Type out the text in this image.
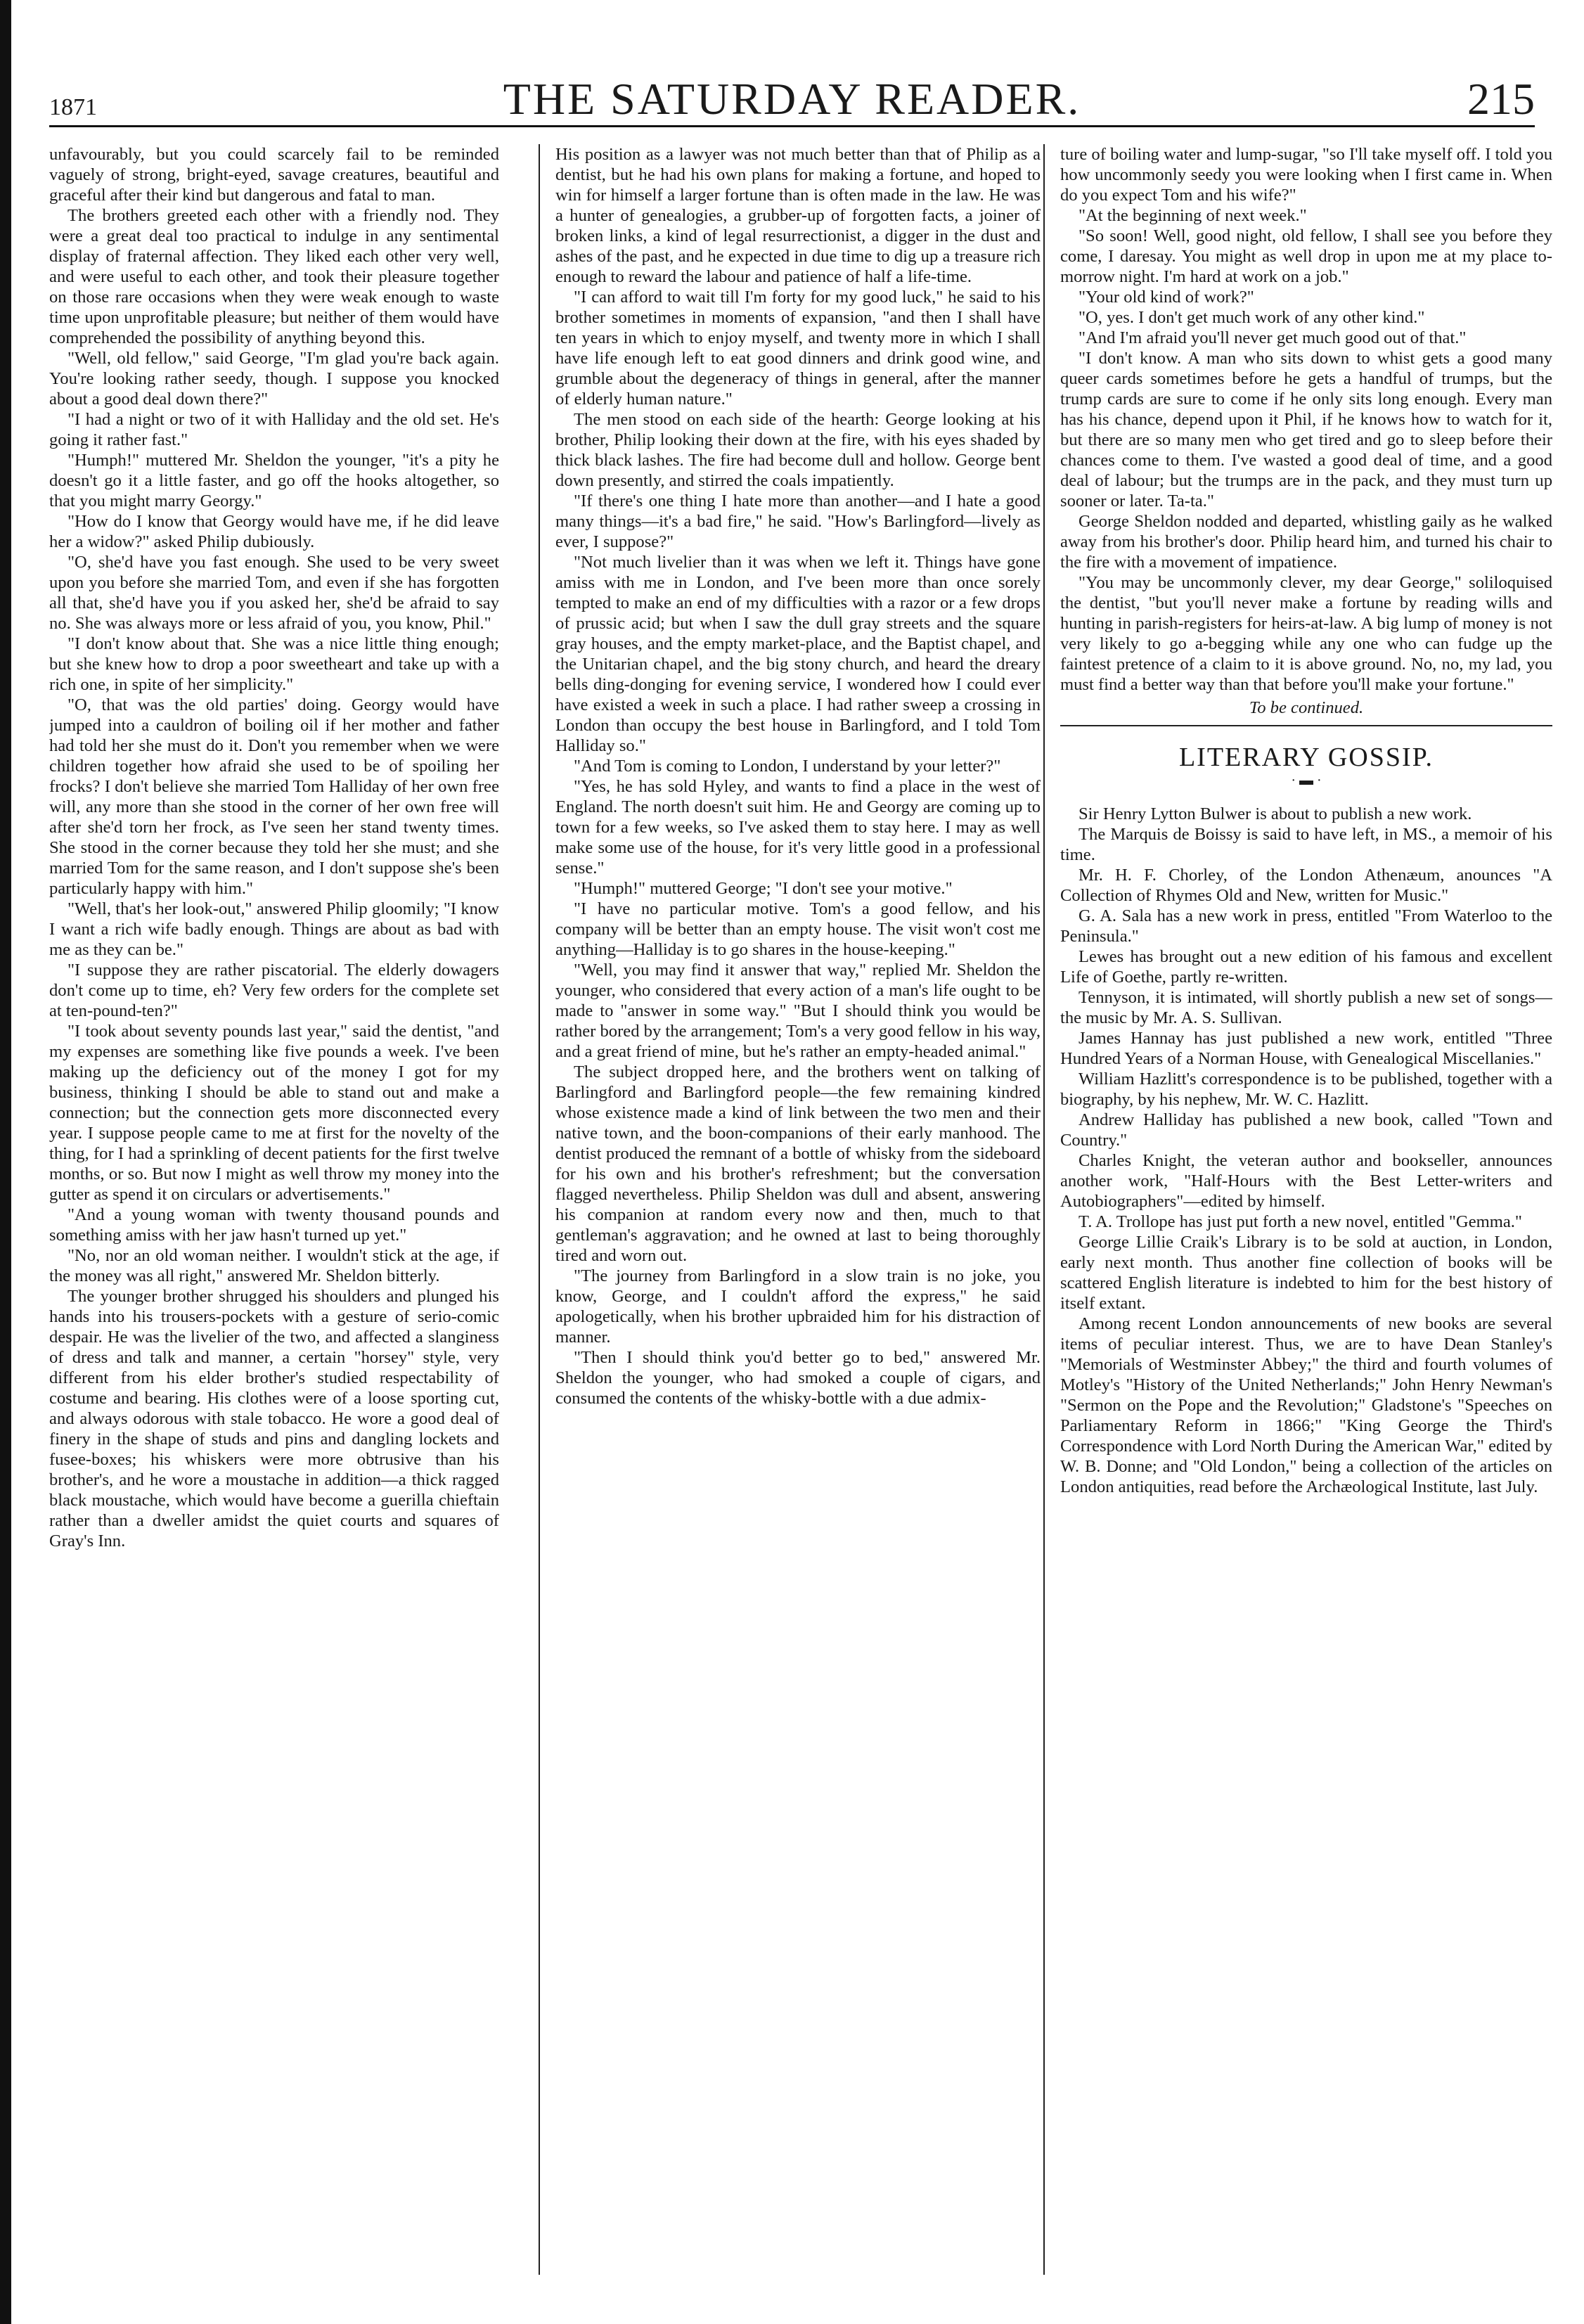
1871	THE SATURDAY READER.	215

unfavourably, but you could scarcely fail to be reminded vaguely of strong, bright-eyed, savage creatures, beautiful and graceful after their kind but dangerous and fatal to man.

The brothers greeted each other with a friendly nod. They were a great deal too practical to indulge in any sentimental display of fraternal affection. They liked each other very well, and were useful to each other, and took their pleasure together on those rare occasions when they were weak enough to waste time upon unprofitable pleasure; but neither of them would have comprehended the possibility of anything beyond this.

"Well, old fellow," said George, "I'm glad you're back again. You're looking rather seedy, though. I suppose you knocked about a good deal down there?"

"I had a night or two of it with Halliday and the old set. He's going it rather fast."

"Humph!" muttered Mr. Sheldon the younger, "it's a pity he doesn't go it a little faster, and go off the hooks altogether, so that you might marry Georgy."

"How do I know that Georgy would have me, if he did leave her a widow?" asked Philip dubiously.

"O, she'd have you fast enough. She used to be very sweet upon you before she married Tom, and even if she has forgotten all that, she'd have you if you asked her, she'd be afraid to say no. She was always more or less afraid of you, you know, Phil."

"I don't know about that. She was a nice little thing enough; but she knew how to drop a poor sweetheart and take up with a rich one, in spite of her simplicity."

"O, that was the old parties' doing. Georgy would have jumped into a cauldron of boiling oil if her mother and father had told her she must do it. Don't you remember when we were children together how afraid she used to be of spoiling her frocks? I don't believe she married Tom Halliday of her own free will, any more than she stood in the corner of her own free will after she'd torn her frock, as I've seen her stand twenty times. She stood in the corner because they told her she must; and she married Tom for the same reason, and I don't suppose she's been particularly happy with him."

"Well, that's her look-out," answered Philip gloomily; "I know I want a rich wife badly enough. Things are about as bad with me as they can be."

"I suppose they are rather piscatorial. The elderly dowagers don't come up to time, eh? Very few orders for the complete set at ten-pound-ten?"

"I took about seventy pounds last year," said the dentist, "and my expenses are something like five pounds a week. I've been making up the deficiency out of the money I got for my business, thinking I should be able to stand out and make a connection; but the connection gets more disconnected every year. I suppose people came to me at first for the novelty of the thing, for I had a sprinkling of decent patients for the first twelve months, or so. But now I might as well throw my money into the gutter as spend it on circulars or advertisements."

"And a young woman with twenty thousand pounds and something amiss with her jaw hasn't turned up yet."

"No, nor an old woman neither. I wouldn't stick at the age, if the money was all right," answered Mr. Sheldon bitterly.

The younger brother shrugged his shoulders and plunged his hands into his trousers-pockets with a gesture of serio-comic despair. He was the livelier of the two, and affected a slanginess of dress and talk and manner, a certain "horsey" style, very different from his elder brother's studied respectability of costume and bearing. His clothes were of a loose sporting cut, and always odorous with stale tobacco. He wore a good deal of finery in the shape of studs and pins and dangling lockets and fusee-boxes; his whiskers were more obtrusive than his brother's, and he wore a moustache in addition—a thick ragged black moustache, which would have become a guerilla chieftain rather than a dweller amidst the quiet courts and squares of Gray's Inn.

His position as a lawyer was not much better than that of Philip as a dentist, but he had his own plans for making a fortune, and hoped to win for himself a larger fortune than is often made in the law. He was a hunter of genealogies, a grubber-up of forgotten facts, a joiner of broken links, a kind of legal resurrectionist, a digger in the dust and ashes of the past, and he expected in due time to dig up a treasure rich enough to reward the labour and patience of half a life-time.

"I can afford to wait till I'm forty for my good luck," he said to his brother sometimes in moments of expansion, "and then I shall have ten years in which to enjoy myself, and twenty more in which I shall have life enough left to eat good dinners and drink good wine, and grumble about the degeneracy of things in general, after the manner of elderly human nature."

The men stood on each side of the hearth: George looking at his brother, Philip looking their down at the fire, with his eyes shaded by thick black lashes. The fire had become dull and hollow. George bent down presently, and stirred the coals impatiently.

"If there's one thing I hate more than another—and I hate a good many things—it's a bad fire," he said. "How's Barlingford—lively as ever, I suppose?"

"Not much livelier than it was when we left it. Things have gone amiss with me in London, and I've been more than once sorely tempted to make an end of my difficulties with a razor or a few drops of prussic acid; but when I saw the dull gray streets and the square gray houses, and the empty market-place, and the Baptist chapel, and the Unitarian chapel, and the big stony church, and heard the dreary bells ding-donging for evening service, I wondered how I could ever have existed a week in such a place. I had rather sweep a crossing in London than occupy the best house in Barlingford, and I told Tom Halliday so."

"And Tom is coming to London, I understand by your letter?"

"Yes, he has sold Hyley, and wants to find a place in the west of England. The north doesn't suit him. He and Georgy are coming up to town for a few weeks, so I've asked them to stay here. I may as well make some use of the house, for it's very little good in a professional sense."

"Humph!" muttered George; "I don't see your motive."

"I have no particular motive. Tom's a good fellow, and his company will be better than an empty house. The visit won't cost me anything—Halliday is to go shares in the house-keeping."

"Well, you may find it answer that way," replied Mr. Sheldon the younger, who considered that every action of a man's life ought to be made to "answer in some way." "But I should think you would be rather bored by the arrangement; Tom's a very good fellow in his way, and a great friend of mine, but he's rather an empty-headed animal."

The subject dropped here, and the brothers went on talking of Barlingford and Barlingford people—the few remaining kindred whose existence made a kind of link between the two men and their native town, and the boon-companions of their early manhood. The dentist produced the remnant of a bottle of whisky from the sideboard for his own and his brother's refreshment; but the conversation flagged nevertheless. Philip Sheldon was dull and absent, answering his companion at random every now and then, much to that gentleman's aggravation; and he owned at last to being thoroughly tired and worn out.

"The journey from Barlingford in a slow train is no joke, you know, George, and I couldn't afford the express," he said apologetically, when his brother upbraided him for his distraction of manner.

"Then I should think you'd better go to bed," answered Mr. Sheldon the younger, who had smoked a couple of cigars, and consumed the contents of the whisky-bottle with a due admix-

ture of boiling water and lump-sugar, "so I'll take myself off. I told you how uncommonly seedy you were looking when I first came in. When do you expect Tom and his wife?"

"At the beginning of next week."

"So soon! Well, good night, old fellow, I shall see you before they come, I daresay. You might as well drop in upon me at my place to-morrow night. I'm hard at work on a job."

"Your old kind of work?"

"O, yes. I don't get much work of any other kind."

"And I'm afraid you'll never get much good out of that."

"I don't know. A man who sits down to whist gets a good many queer cards sometimes before he gets a handful of trumps, but the trump cards are sure to come if he only sits long enough. Every man has his chance, depend upon it Phil, if he knows how to watch for it, but there are so many men who get tired and go to sleep before their chances come to them. I've wasted a good deal of time, and a good deal of labour; but the trumps are in the pack, and they must turn up sooner or later. Ta-ta."

George Sheldon nodded and departed, whistling gaily as he walked away from his brother's door. Philip heard him, and turned his chair to the fire with a movement of impatience.

"You may be uncommonly clever, my dear George," soliloquised the dentist, "but you'll never make a fortune by reading wills and hunting in parish-registers for heirs-at-law. A big lump of money is not very likely to go a-begging while any one who can fudge up the faintest pretence of a claim to it is above ground. No, no, my lad, you must find a better way than that before you'll make your fortune."

To be continued.
LITERARY GOSSIP.
· ▬ ·

Sir Henry Lytton Bulwer is about to publish a new work.

The Marquis de Boissy is said to have left, in MS., a memoir of his time.

Mr. H. F. Chorley, of the London Athenæum, anounces "A Collection of Rhymes Old and New, written for Music."

G. A. Sala has a new work in press, entitled "From Waterloo to the Peninsula."

Lewes has brought out a new edition of his famous and excellent Life of Goethe, partly re-written.

Tennyson, it is intimated, will shortly publish a new set of songs—the music by Mr. A. S. Sullivan.

James Hannay has just published a new work, entitled "Three Hundred Years of a Norman House, with Genealogical Miscellanies."

William Hazlitt's correspondence is to be published, together with a biography, by his nephew, Mr. W. C. Hazlitt.

Andrew Halliday has published a new book, called "Town and Country."

Charles Knight, the veteran author and bookseller, announces another work, "Half-Hours with the Best Letter-writers and Autobiographers"—edited by himself.

T. A. Trollope has just put forth a new novel, entitled "Gemma."

George Lillie Craik's Library is to be sold at auction, in London, early next month. Thus another fine collection of books will be scattered English literature is indebted to him for the best history of itself extant.

Among recent London announcements of new books are several items of peculiar interest. Thus, we are to have Dean Stanley's "Memorials of Westminster Abbey;" the third and fourth volumes of Motley's "History of the United Netherlands;" John Henry Newman's "Sermon on the Pope and the Revolution;" Gladstone's "Speeches on Parliamentary Reform in 1866;" "King George the Third's Correspondence with Lord North During the American War," edited by W. B. Donne; and "Old London," being a collection of the articles on London antiquities, read before the Archæological Institute, last July.
